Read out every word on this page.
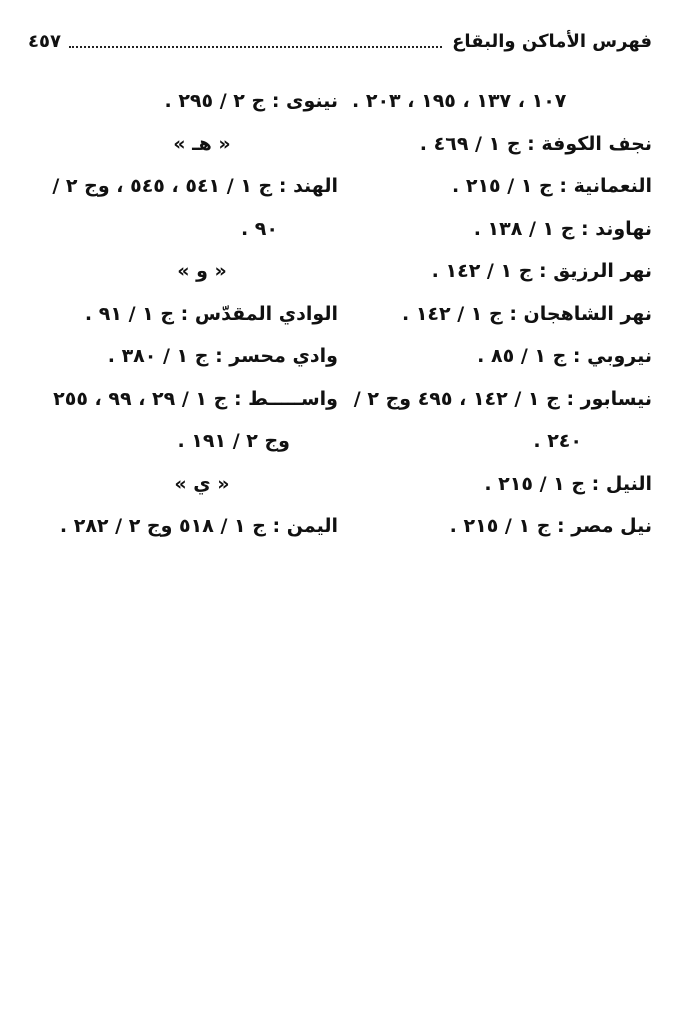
فهرس الأماكن والبقاع
٤٥٧
١٠٧ ، ١٣٧ ، ١٩٥ ، ٢٠٣ .
نجف الكوفة : ج ١ / ٤٦٩ .
النعمانية : ج ١ / ٢١٥ .
نهاوند : ج ١ / ١٣٨ .
نهر الرزيق : ج ١ / ١٤٢ .
نهر الشاهجان : ج ١ / ١٤٢ .
نيروبي : ج ١ / ٨٥ .
نيسابور : ج ١ / ١٤٢ ، ٤٩٥ وج ٢ /
٢٤٠ .
النيل : ج ١ / ٢١٥ .
نيل مصر : ج ١ / ٢١٥ .
نينوى : ج ٢ / ٢٩٥ .
« هـ »
الهند : ج ١ / ٥٤١ ، ٥٤٥ ، وج ٢ /
٩٠ .
« و »
الوادي المقدّس : ج ١ / ٩١ .
وادي محسر : ج ١ / ٣٨٠ .
واســـــط : ج ١ / ٢٩ ، ٩٩ ، ٢٥٥
وج ٢ / ١٩١ .
« ي »
اليمن : ج ١ / ٥١٨ وج ٢ / ٢٨٢ .
